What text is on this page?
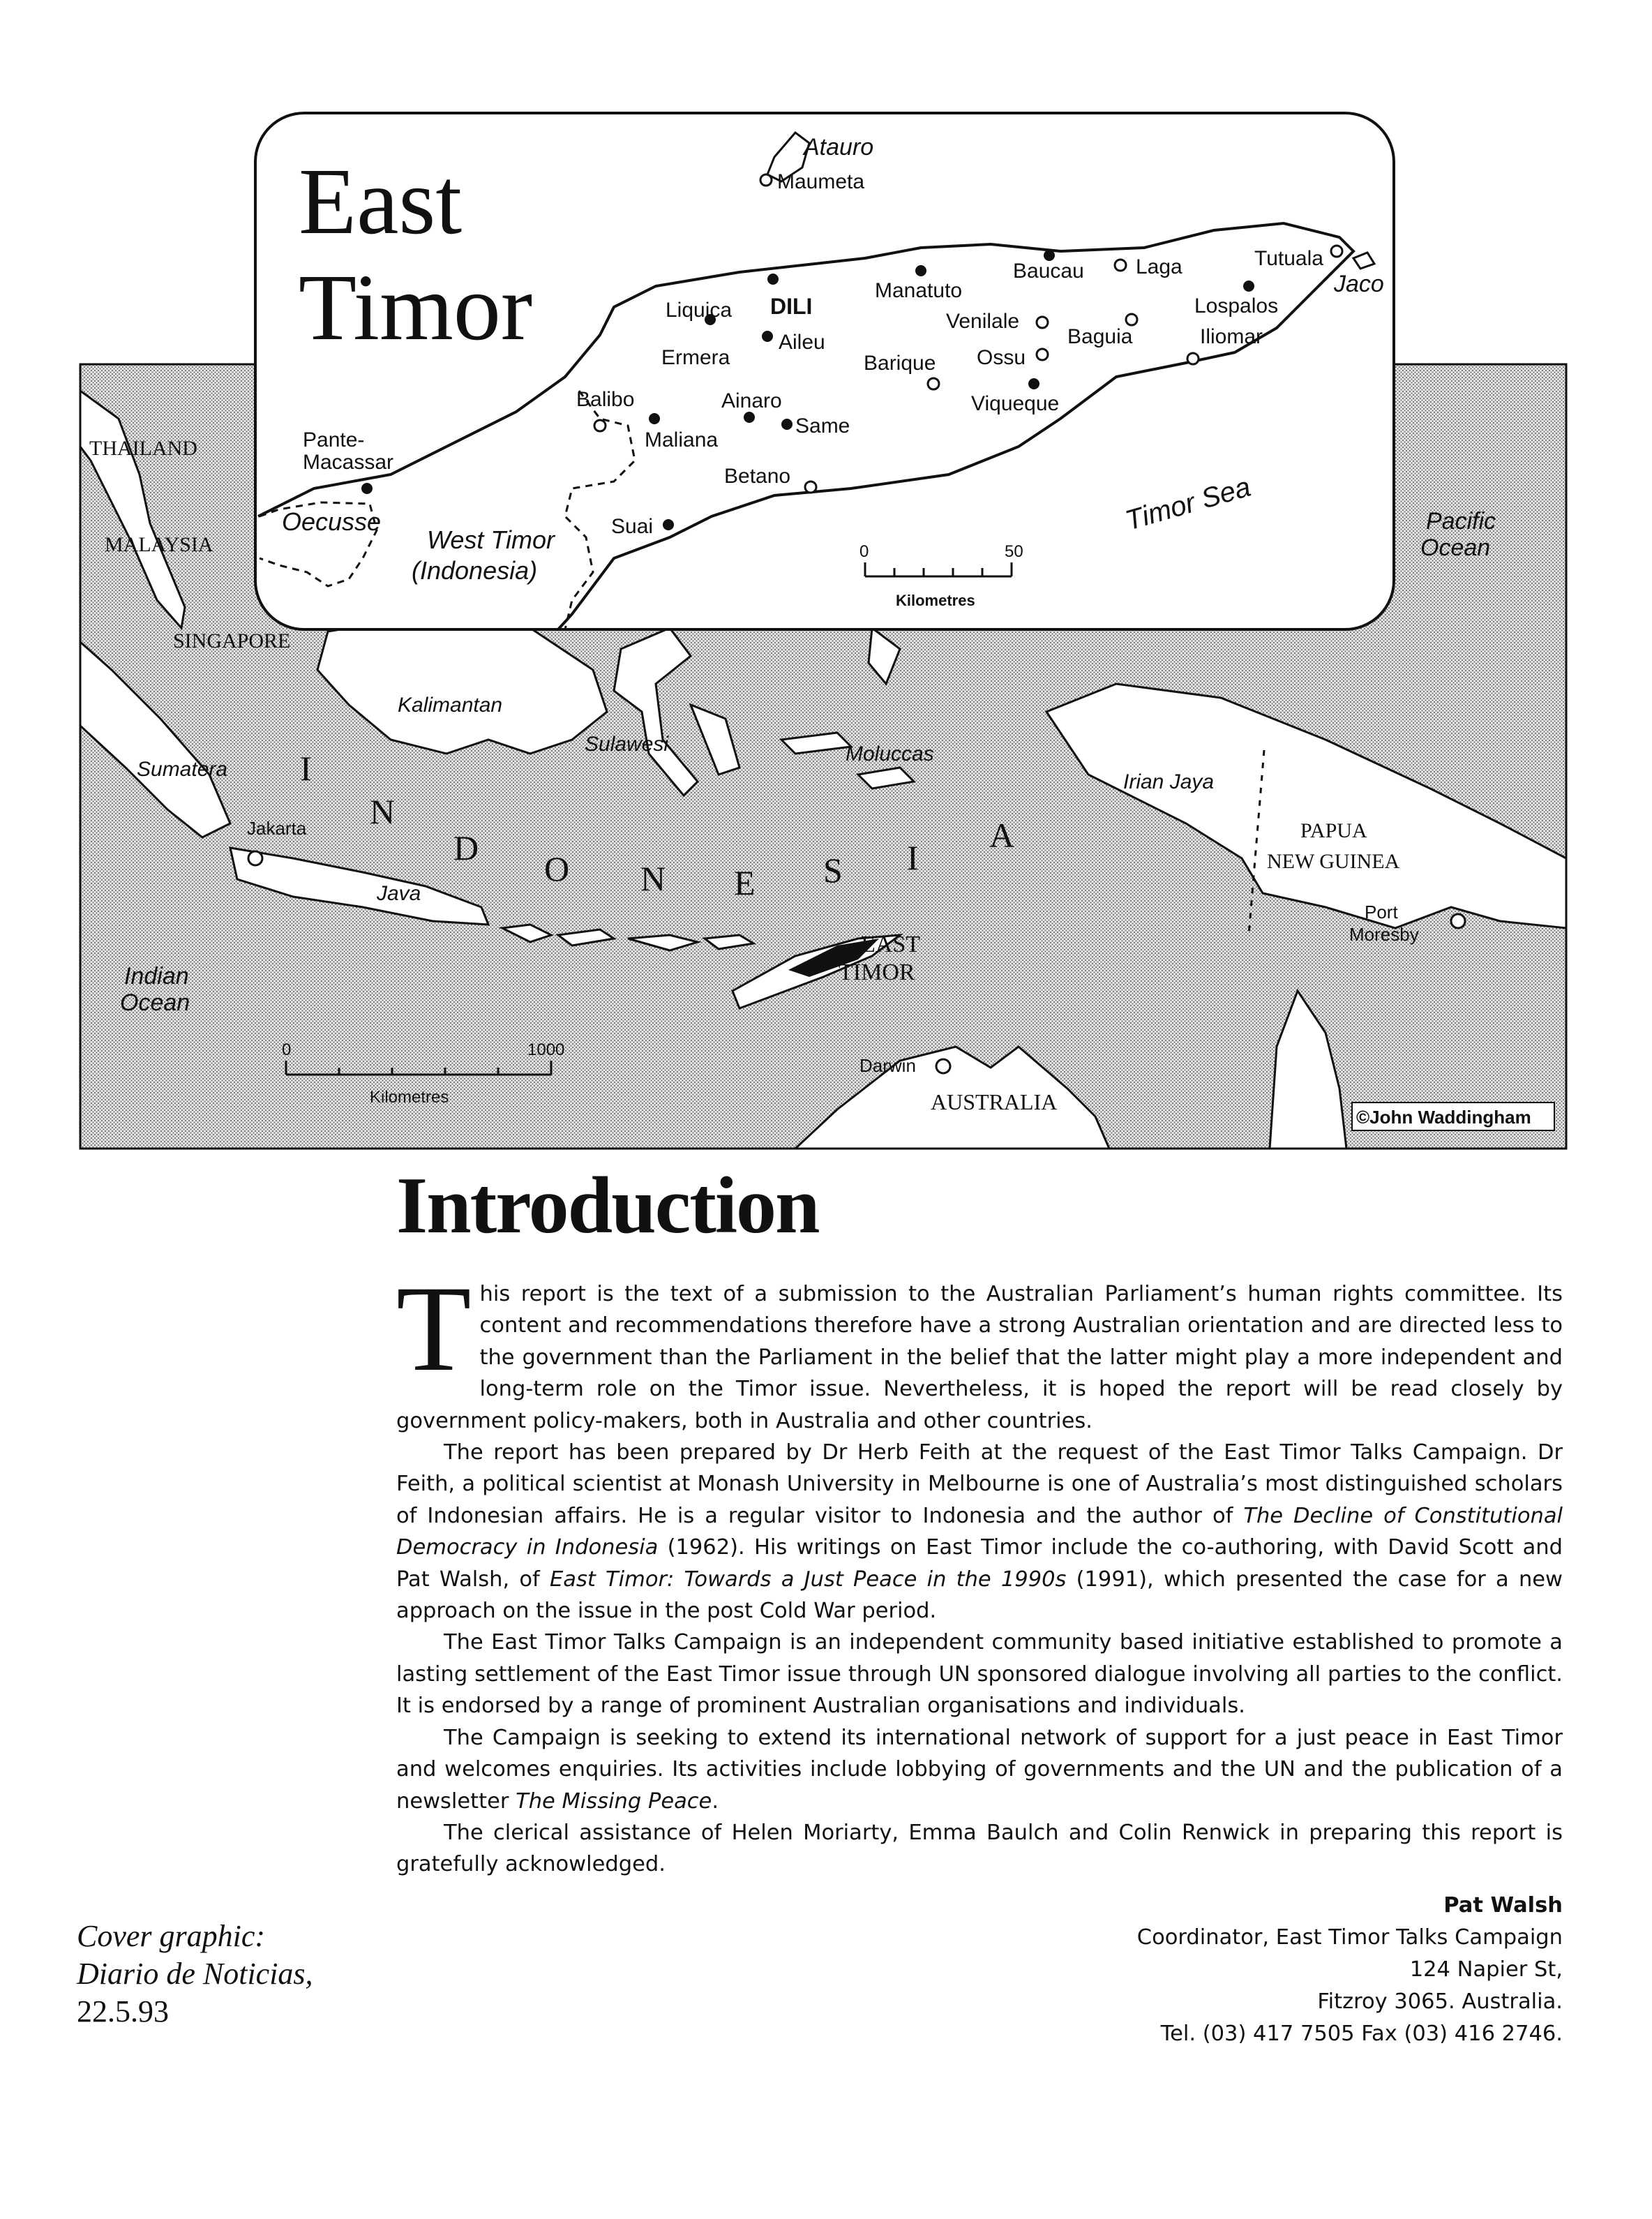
THAILAND
MALAYSIA
SINGAPORE
Kalimantan
Sumatera
Sulawesi	Moluccas
Irian Jaya
PAPUA
NEW GUINEA
Port
Moresby
Jakarta
Java
Indian
Ocean
Pacific
Ocean
EAST
TIMOR
Darwin
AUSTRALIA
©John Waddingham
I
N
D
O N E S I
A
0	1000
Kilometres
East
Timor
Atauro
Maumeta
Liquica DILI
Manatuto
Baucau Laga	Tutuala
Jaco
Lospalos
Venilale
Baguia	Iliomar
Ermera
Aileu
Barique Ossu
Viqueque
Balibo	Ainaro
Maliana
Same
Pante-
Macassar
Betano
Oecusse
West Timor
(Indonesia)
Suai	Timor Sea
0	50
Kilometres
Introduction

This report is the text of a submission to the Australian Parliament’s human rights committee. Its content and recommendations therefore have a strong Australian orientation and are directed less to the government than the Parliament in the belief that the latter might play a more independent and long-term role on the Timor issue. Nevertheless, it is hoped the report will be read closely by government policy-makers, both in Australia and other countries.

The report has been prepared by Dr Herb Feith at the request of the East Timor Talks Campaign. Dr Feith, a political scientist at Monash University in Melbourne is one of Australia’s most distinguished scholars of Indonesian affairs. He is a regular visitor to Indonesia and the author of The Decline of Constitutional Democracy in Indonesia (1962). His writings on East Timor include the co-authoring, with David Scott and Pat Walsh, of East Timor: Towards a Just Peace in the 1990s (1991), which presented the case for a new approach on the issue in the post Cold War period.

The East Timor Talks Campaign is an independent community based initiative established to promote a lasting settlement of the East Timor issue through UN sponsored dialogue involving all parties to the conflict. It is endorsed by a range of prominent Australian organisations and individuals.

The Campaign is seeking to extend its international network of support for a just peace in East Timor and welcomes enquiries. Its activities include lobbying of governments and the UN and the publication of a newsletter The Missing Peace.

The clerical assistance of Helen Moriarty, Emma Baulch and Colin Renwick in preparing this report is gratefully acknowledged.

Pat Walsh
Coordinator, East Timor Talks Campaign
124 Napier St,
Fitzroy 3065. Australia.
Tel. (03) 417 7505 Fax (03) 416 2746.
Cover graphic:
Diario de Noticias,
22.5.93
